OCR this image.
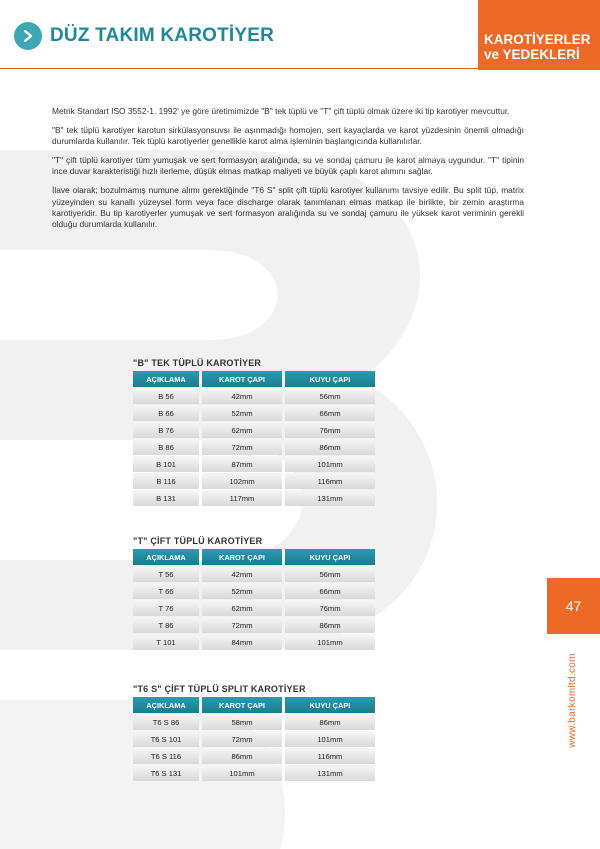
DÜZ TAKIM KAROTİYER	KAROTİYERLER
ve YEDEKLERİ

Metrik Standart ISO 3552-1. 1992' ye göre üretimimizde "B" tek tüplü ve "T" çift tüplü olmak üzere iki tip karotiyer mevcuttur.

"B" tek tüplü karotiyer karotun sirkülasyonsuvsı ile aşınmadığı homojen, sert kayaçlarda ve karot yüzdesinin önemli olmadığı durumlarda kullanılır. Tek tüplü karotiyerler genellikle karot alma işleminin başlangıcında kullanılırlar.

"T" çift tüplü karotiyer tüm yumuşak ve sert formasyon aralığında, su ve sondaj çamuru ile karot almaya uygundur. "T" tipinin ince duvar karakteristiği hızlı ilerleme, düşük elmas matkap maliyeti ve büyük çaplı karot alımını sağlar.

İlave olarak; bozulmamış numune alımı gerektiğinde "T6 S" split çift tüplü karotiyer kullanımı tavsiye edilir. Bu split tüp, matrix yüzeyinden su kanallı yüzeysel form veya face discharge olarak tanımlanan elmas matkap ile birlikte, bir zemin araştırma karotiyeridir. Bu tip karotiyerler yumuşak ve sert formasyon aralığında su ve sondaj çamuru ile yüksek karot veriminin gerekli olduğu durumlarda kullanılır.

"B" TEK TÜPLÜ KAROTİYER
AÇIKLAMA	KAROT ÇAPI	KUYU ÇAPI
B 56	42mm	56mm
B 66	52mm	66mm
B 76	62mm	76mm
B 86	72mm	86mm
B 101	87mm	101mm
B 116	102mm	116mm
B 131	117mm	131mm
"T" ÇİFT TÜPLÜ KAROTİYER
AÇIKLAMA	KAROT ÇAPI	KUYU ÇAPI
T 56	42mm	56mm
T 66	52mm	66mm
T 76	62mm	76mm
T 86	72mm	86mm
T 101	84mm	101mm
"T6 S" ÇİFT TÜPLÜ SPLIT KAROTİYER
AÇIKLAMA	KAROT ÇAPI	KUYU ÇAPI
T6 S 86	58mm	86mm
T6 S 101	72mm	101mm
T6 S 116	86mm	116mm
T6 S 131	101mm	131mm
47
www.barkomltd.com
